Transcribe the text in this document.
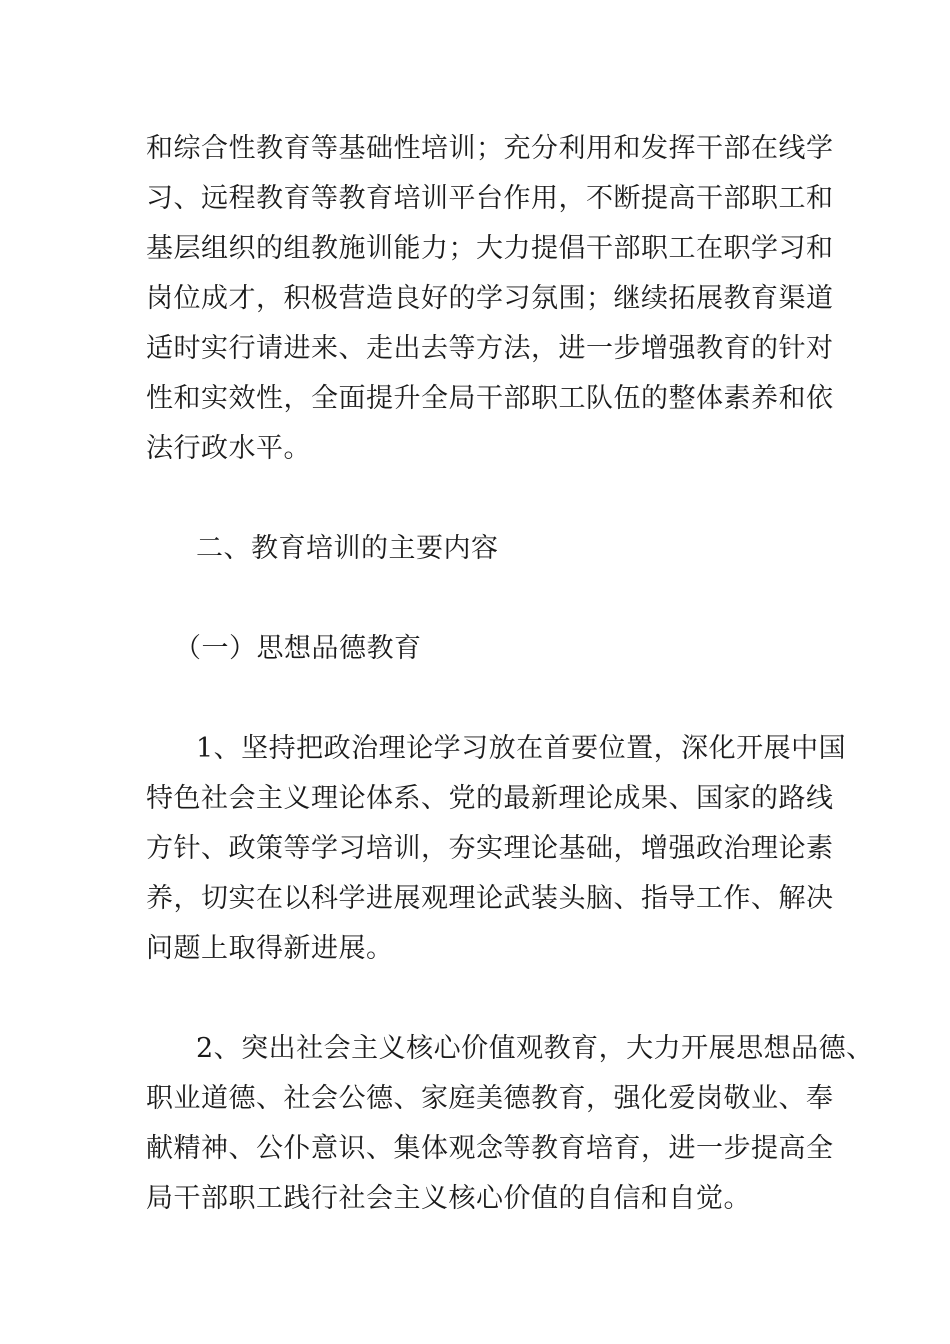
和综合性教育等基础性培训；充分利用和发挥干部在线学
习、远程教育等教育培训平台作用，不断提高干部职工和
基层组织的组教施训能力；大力提倡干部职工在职学习和
岗位成才，积极营造良好的学习氛围；继续拓展教育渠道
适时实行请进来、走出去等方法，进一步增强教育的针对
性和实效性，全面提升全局干部职工队伍的整体素养和依
法行政水平。
二、教育培训的主要内容
（一）思想品德教育
1、坚持把政治理论学习放在首要位置，深化开展中国
特色社会主义理论体系、党的最新理论成果、国家的路线
方针、政策等学习培训，夯实理论基础，增强政治理论素
养，切实在以科学进展观理论武装头脑、指导工作、解决
问题上取得新进展。
2、突出社会主义核心价值观教育，大力开展思想品德、
职业道德、社会公德、家庭美德教育，强化爱岗敬业、奉
献精神、公仆意识、集体观念等教育培育，进一步提高全
局干部职工践行社会主义核心价值的自信和自觉。
